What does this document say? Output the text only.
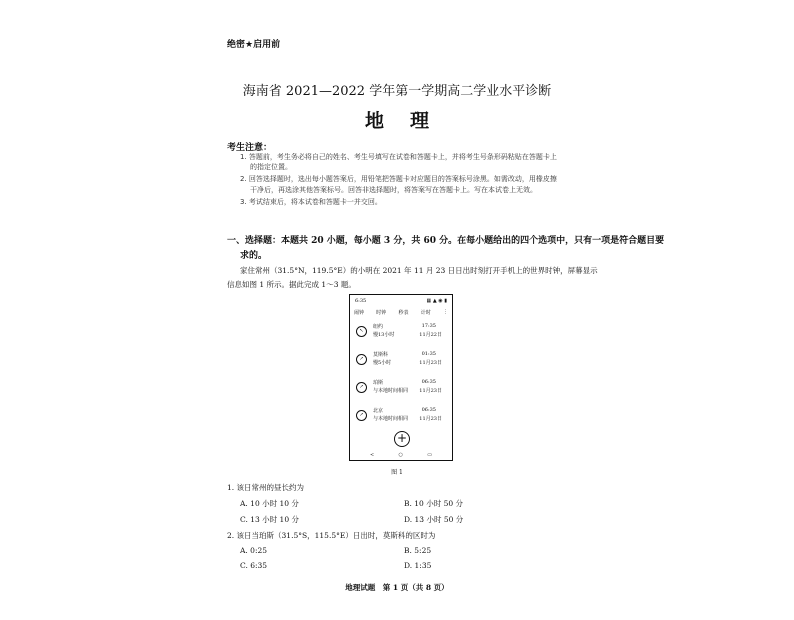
绝密★启用前
海南省 2021—2022 学年第一学期高二学业水平诊断
地理
考生注意：
1. 答题前，考生务必将自己的姓名、考生号填写在试卷和答题卡上，并将考生号条形码粘贴在答题卡上
的指定位置。
2. 回答选择题时，选出每小题答案后，用铅笔把答题卡对应题目的答案标号涂黑。如需改动，用橡皮擦
干净后，再选涂其他答案标号。回答非选择题时，将答案写在答题卡上。写在本试卷上无效。
3. 考试结束后，将本试卷和答题卡一并交回。
一、选择题：本题共 20 小题，每小题 3 分，共 60 分。在每小题给出的四个选项中，只有一项是符合题目要
求的。
家住常州（31.5°N，119.5°E）的小明在 2021 年 11 月 23 日日出时刻打开手机上的世界时钟，屏幕显示
信息如图 1 所示。据此完成 1～3 题。
6:35	▦ ▲ ◉ ▮
闹钟 时钟 秒表 计时 ⋮
↖
纽约
慢13小时
17:35
11月22日
↗
莫斯科
慢5小时
01:35
11月23日
↗
珀斯
与本地时间相同
06:35
11月23日
↗
北京
与本地时间相同
06:35
11月23日
+
<	○	▭
图 1
1. 该日常州的昼长约为
A. 10 小时 10 分	B. 10 小时 50 分
C. 13 小时 10 分	D. 13 小时 50 分
2. 该日当珀斯（31.5°S，115.5°E）日出时，莫斯科的区时为
A. 0:25	B. 5:25
C. 6:35	D. 1:35
地理试题　第 1 页（共 8 页）
